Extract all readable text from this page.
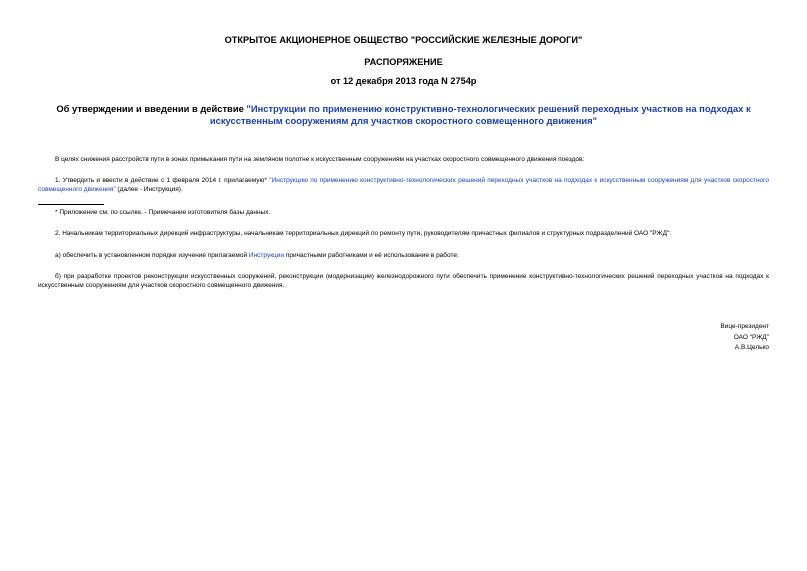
ОТКРЫТОЕ АКЦИОНЕРНОЕ ОБЩЕСТВО "РОССИЙСКИЕ ЖЕЛЕЗНЫЕ ДОРОГИ"
РАСПОРЯЖЕНИЕ
от 12 декабря 2013 года N 2754р
Об утверждении и введении в действие "Инструкции по применению конструктивно-технологических решений переходных участков на подходах к искусственным сооружениям для участков скоростного совмещенного движения"
В целях снижения расстройств пути в зонах примыкания пути на земляном полотне к искусственным сооружениям на участках скоростного совмещенного движения поездов:
1. Утвердить и ввести в действие с 1 февраля 2014 г. прилагаемую* "Инструкцию по применению конструктивно-технологических решений переходных участков на подходах к искусственным сооружениям для участков скоростного совмещенного движения" (далее - Инструкция).
* Приложение см. по ссылке. - Примечание изготовителя базы данных.
2. Начальникам территориальных дирекций инфраструктуры, начальникам территориальных дирекций по ремонту пути, руководителям причастных филиалов и структурных подразделений ОАО "РЖД":
а) обеспечить в установленном порядке изучение прилагаемой Инструкции причастными работниками и её использование в работе;
б) при разработке проектов реконструкции искусственных сооружений, реконструкции (модернизации) железнодорожного пути обеспечить применение конструктивно-технологических решений переходных участков на подходах к искусственным сооружениям для участков скоростного совмещенного движения.
Вице-президент
ОАО "РЖД"
А.В.Целько
